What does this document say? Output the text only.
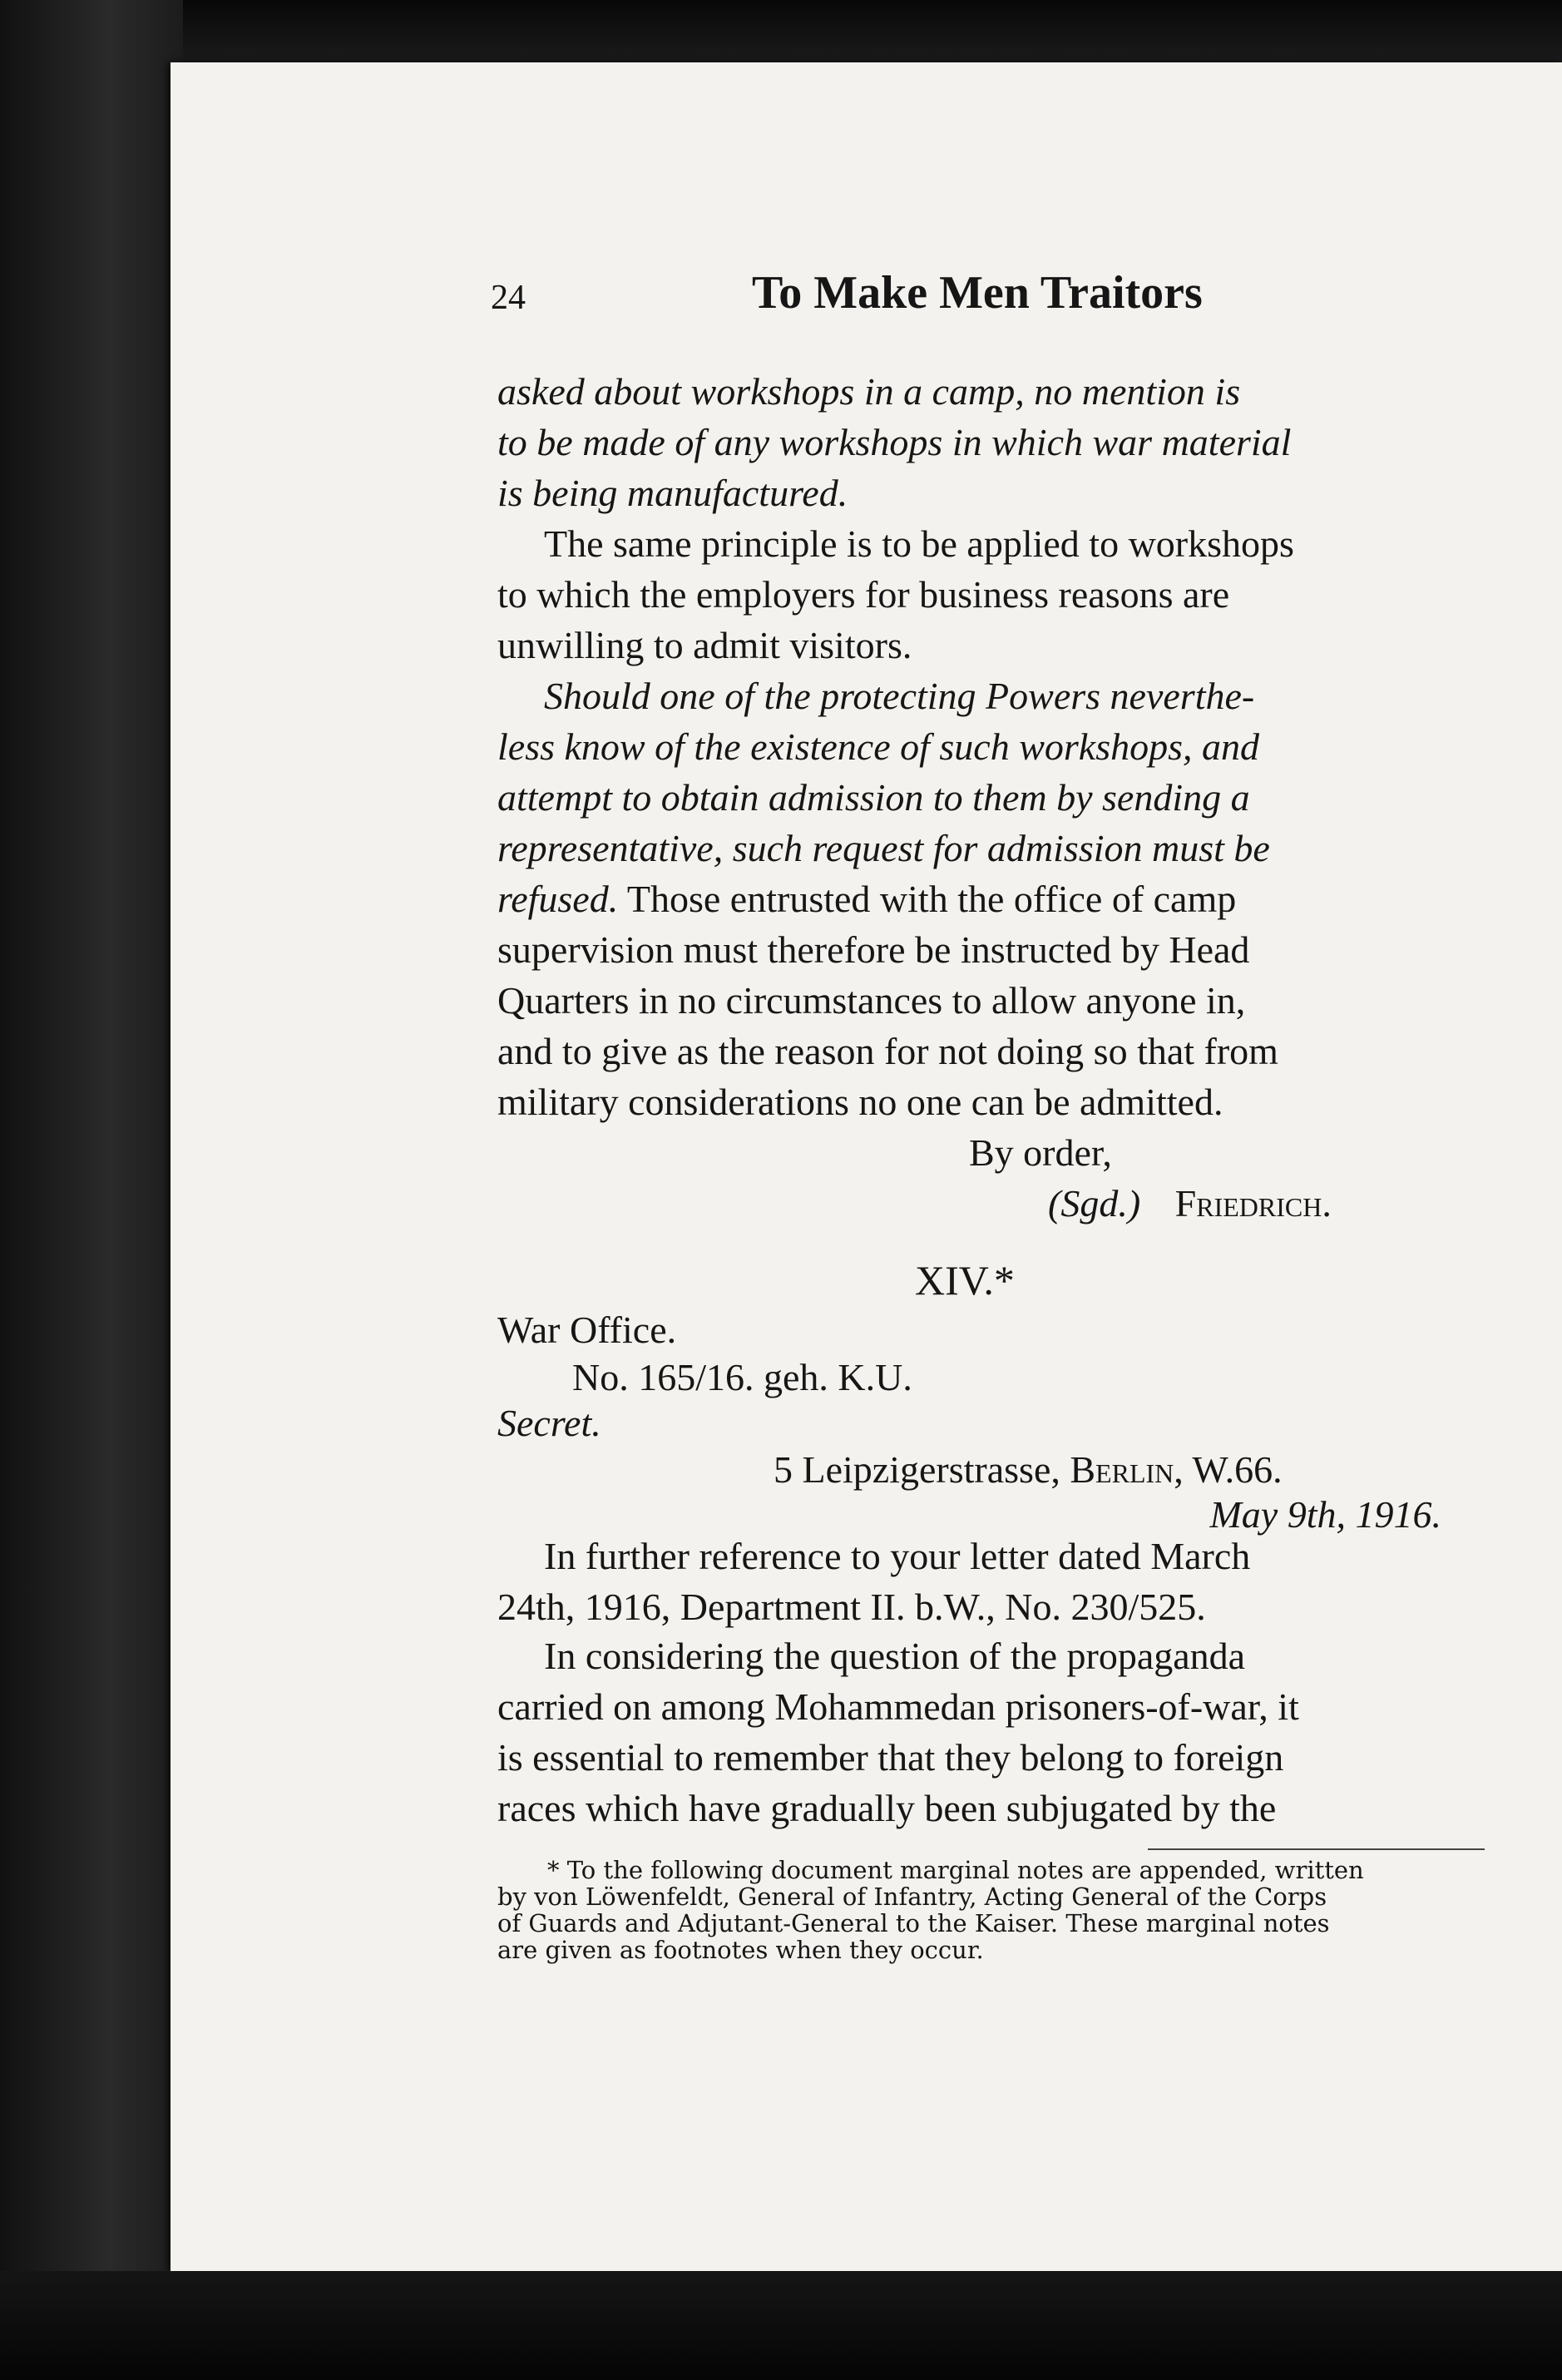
24	To Make Men Traitors
asked about workshops in a camp, no mention is
to be made of any workshops in which war material
is being manufactured.
The same principle is to be applied to workshops
to which the employers for business reasons are
unwilling to admit visitors.
Should one of the protecting Powers neverthe-
less know of the existence of such workshops, and
attempt to obtain admission to them by sending a
representative, such request for admission must be
refused. Those entrusted with the office of camp
supervision must therefore be instructed by Head
Quarters in no circumstances to allow anyone in,
and to give as the reason for not doing so that from
military considerations no one can be admitted.
By order,
(Sgd.) Friedrich.
XIV.*
War Office.
No. 165/16. geh. K.U.
Secret.
5 Leipzigerstrasse, Berlin, W.66.
May 9th, 1916.
In further reference to your letter dated March
24th, 1916, Department II. b.W., No. 230/525.
In considering the question of the propaganda
carried on among Mohammedan prisoners-of-war, it
is essential to remember that they belong to foreign
races which have gradually been subjugated by the
* To the following document marginal notes are appended, written
by von Löwenfeldt, General of Infantry, Acting General of the Corps
of Guards and Adjutant-General to the Kaiser. These marginal notes
are given as footnotes when they occur.
